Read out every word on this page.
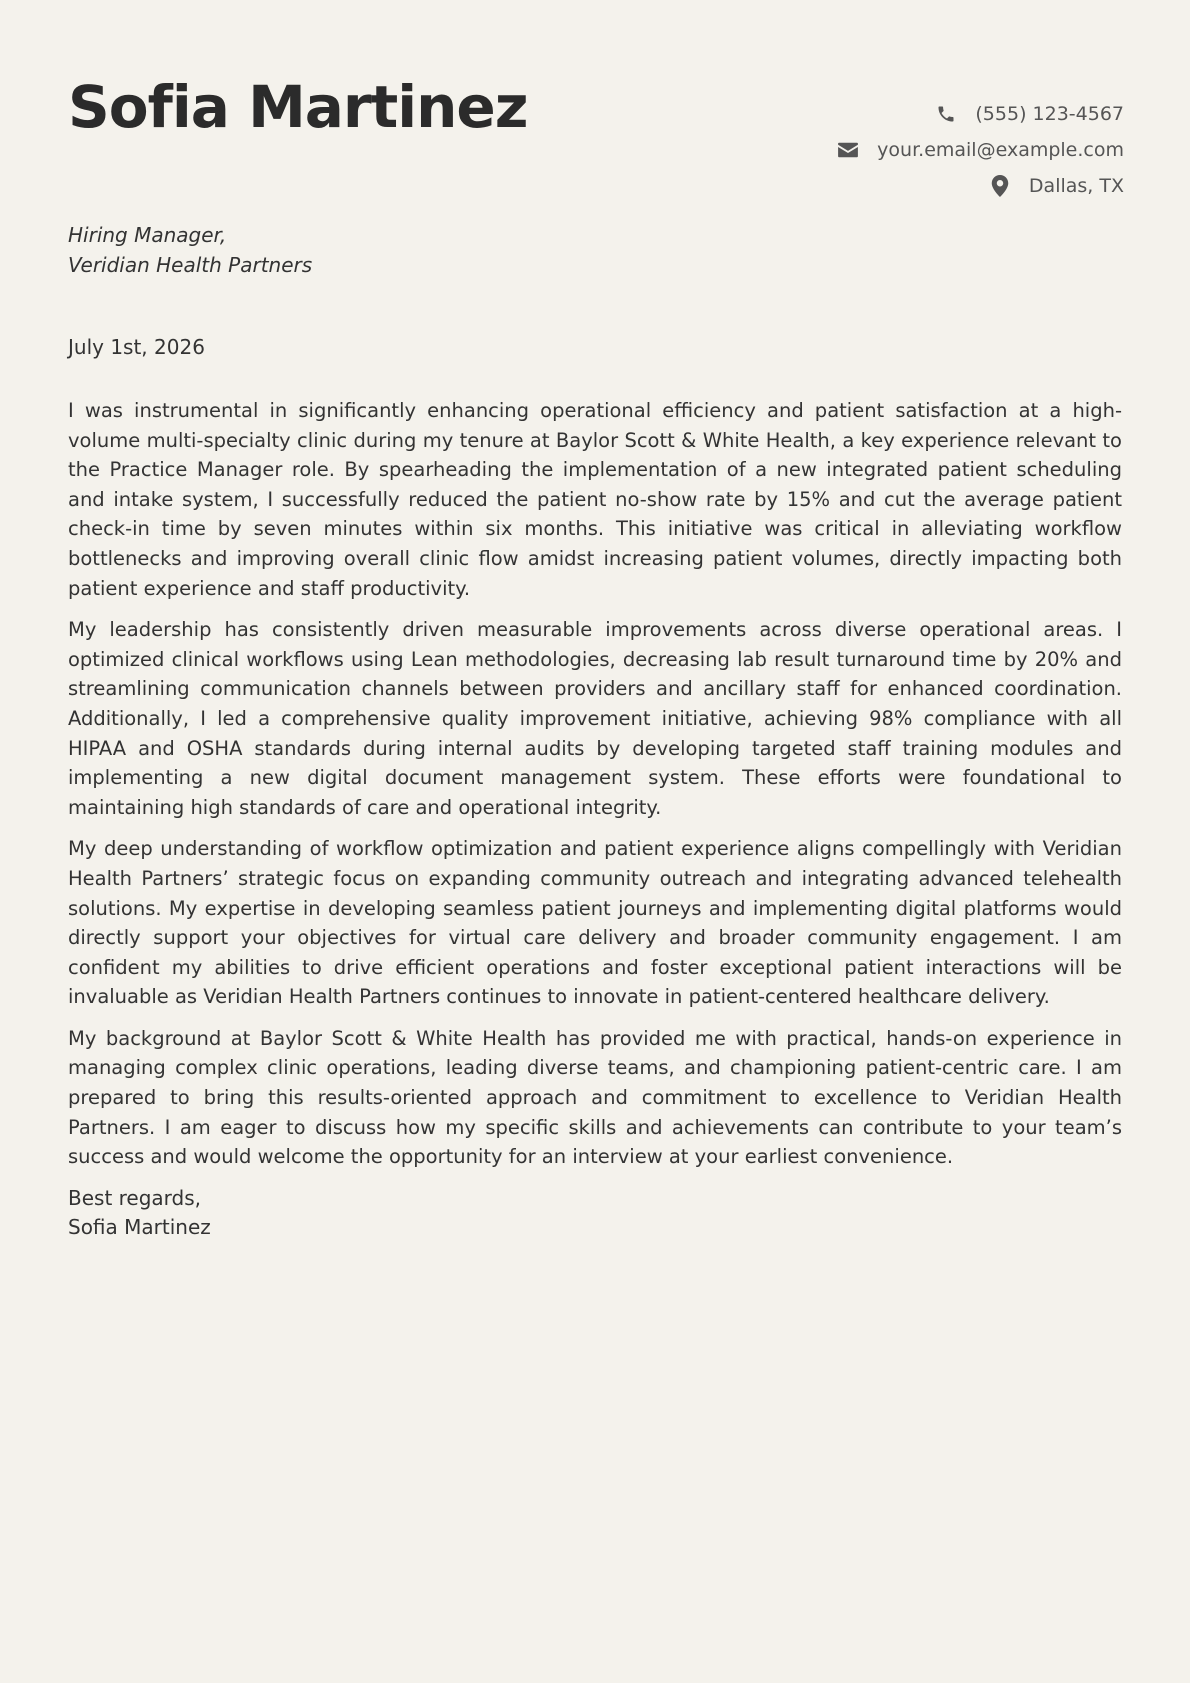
Sofia Martinez	(555) 123-4567
your.email@example.com
Dallas, TX
Hiring Manager,
Veridian Health Partners
July 1st, 2026

I was instrumental in significantly enhancing operational efficiency and patient satisfaction at a high-volume multi-specialty clinic during my tenure at Baylor Scott & White Health, a key experience relevant to the Practice Manager role. By spearheading the implementation of a new integrated patient scheduling and intake system, I successfully reduced the patient no-show rate by 15% and cut the average patient check-in time by seven minutes within six months. This initiative was critical in alleviating workflow bottlenecks and improving overall clinic flow amidst increasing patient volumes, directly impacting both patient experience and staff productivity.

My leadership has consistently driven measurable improvements across diverse operational areas. I optimized clinical workflows using Lean methodologies, decreasing lab result turnaround time by 20% and streamlining communication channels between providers and ancillary staff for enhanced coordination. Additionally, I led a comprehensive quality improvement initiative, achieving 98% compliance with all HIPAA and OSHA standards during internal audits by developing targeted staff training modules and implementing a new digital document management system. These efforts were foundational to maintaining high standards of care and operational integrity.

My deep understanding of workflow optimization and patient experience aligns compellingly with Veridian Health Partners’ strategic focus on expanding community outreach and integrating advanced telehealth solutions. My expertise in developing seamless patient journeys and implementing digital platforms would directly support your objectives for virtual care delivery and broader community engagement. I am confident my abilities to drive efficient operations and foster exceptional patient interactions will be invaluable as Veridian Health Partners continues to innovate in patient-centered healthcare delivery.

My background at Baylor Scott & White Health has provided me with practical, hands-on experience in managing complex clinic operations, leading diverse teams, and championing patient-centric care. I am prepared to bring this results-oriented approach and commitment to excellence to Veridian Health Partners. I am eager to discuss how my specific skills and achievements can contribute to your team’s success and would welcome the opportunity for an interview at your earliest convenience.

Best regards,
Sofia Martinez
